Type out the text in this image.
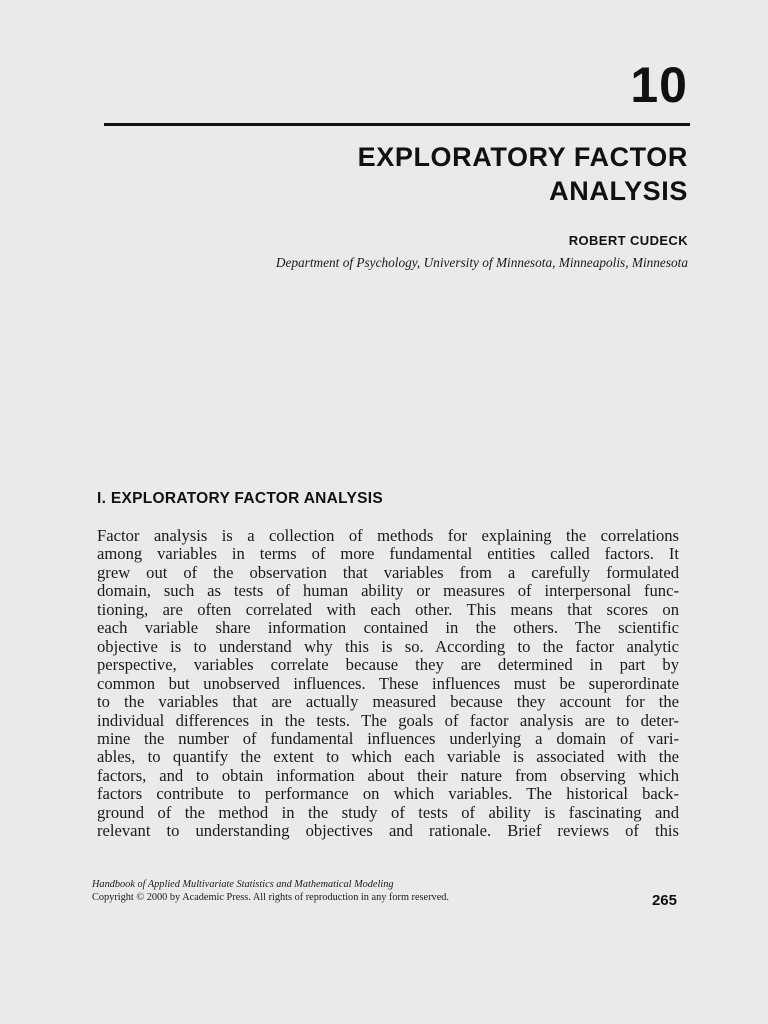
10
EXPLORATORY FACTOR
ANALYSIS
ROBERT CUDECK
Department of Psychology, University of Minnesota, Minneapolis, Minnesota
I. EXPLORATORY FACTOR ANALYSIS
Factor analysis is a collection of methods for explaining the correlations
among variables in terms of more fundamental entities called factors. It
grew out of the observation that variables from a carefully formulated
domain, such as tests of human ability or measures of interpersonal func-
tioning, are often correlated with each other. This means that scores on
each variable share information contained in the others. The scientific
objective is to understand why this is so. According to the factor analytic
perspective, variables correlate because they are determined in part by
common but unobserved influences. These influences must be superordinate
to the variables that are actually measured because they account for the
individual differences in the tests. The goals of factor analysis are to deter-
mine the number of fundamental influences underlying a domain of vari-
ables, to quantify the extent to which each variable is associated with the
factors, and to obtain information about their nature from observing which
factors contribute to performance on which variables. The historical back-
ground of the method in the study of tests of ability is fascinating and
relevant to understanding objectives and rationale. Brief reviews of this
Handbook of Applied Multivariate Statistics and Mathematical Modeling
Copyright © 2000 by Academic Press. All rights of reproduction in any form reserved.	265
